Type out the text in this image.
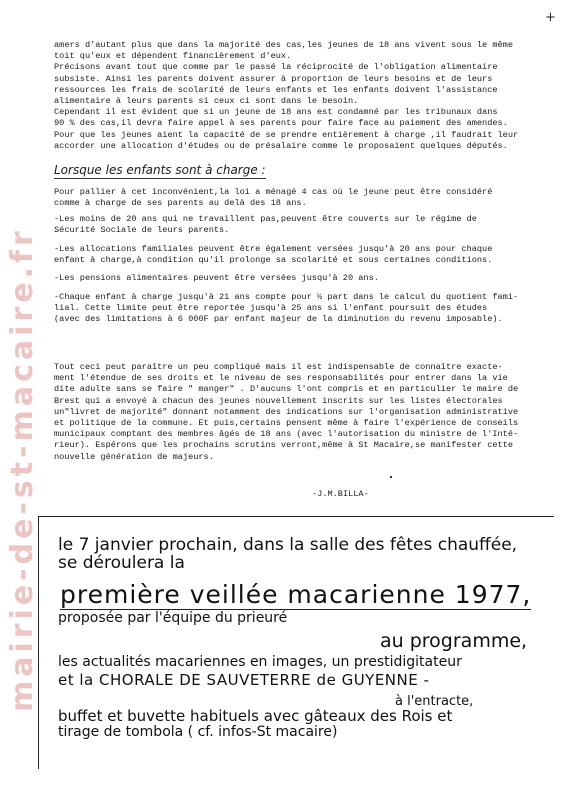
+
mairie-de-st-macaire.fr
amers d'autant plus que dans la majorité des cas,les jeunes de 18 ans vivent sous le même
toit qu'eux et dépendent financièrement d'eux.
Précisons avant tout que comme par le passé la réciprocité de l'obligation alimentaire
subsiste. Ainsi les parents doivent assurer à proportion de leurs besoins et de leurs
ressources les frais de scolarité de leurs enfants et les enfants doivent l'assistance
alimentaire à leurs parents si ceux ci sont dans le besoin.
Cependant il est évident que si un jeune de 18 ans est condamné par les tribunaux dans
90 % des cas,il devra faire appel à ses parents pour faire face au paiement des amendes.
Pour que les jeunes aient la capacité de se prendre entièrement à charge ,il faudrait leur
accorder une allocation d'études ou de présalaire comme le proposaient quelques députés.
Lorsque les enfants sont à charge :
Pour pallier à cet inconvénient,la loi a ménagé 4 cas où le jeune peut être considéré
comme à charge de ses parents au delà des 18 ans.
-Les moins de 20 ans qui ne travaillent pas,peuvent être couverts sur le régime de
Sécurité Sociale de leurs parents.
-Les allocations familiales peuvent être également versées jusqu'à 20 ans pour chaque
enfant à charge,à condition qu'il prolonge sa scolarité et sous certaines conditions.
-Les pensions alimentaires peuvent être versées jusqu'à 20 ans.
-Chaque enfant à charge jusqu'à 21 ans compte pour ½ part dans le calcul du quotient fami-
lial. Cette limite peut être reportée jusqu'à 25 ans si l'enfant poursuit des études
(avec des limitations à 6 000F par enfant majeur de la diminution du revenu imposable).
Tout ceci peut paraître un peu compliqué mais il est indispensable de connaître exacte-
ment l'étendue de ses droits et le niveau de ses responsabilités pour entrer dans la vie
dite adulte sans se faire " manger" . D'aucuns l'ont compris et en particulier le maire de
Brest qui a envoyé à chacun des jeunes nouvellement inscrits sur les listes électorales
un"livret de majorité" donnant notamment des indications sur l'organisation administrative
et politique de la commune. Et puis,certains pensent même à faire l'expérience de conseils
municipaux comptant des membres âgés de 18 ans (avec l'autorisation du ministre de l'Inté-
rieur). Espérons que les prochains scrutins verront,même à St Macaire,se manifester cette
nouvelle génération de majeurs.
-J.M.BILLA-
le 7 janvier prochain, dans la salle des fêtes chauffée,
se déroulera la
première veillée macarienne 1977,
proposée par l'équipe du prieuré
au programme,
les actualités macariennes en images, un prestidigitateur
et la CHORALE DE SAUVETERRE de GUYENNE -
à l'entracte,
buffet et buvette habituels avec gâteaux des Rois et
tirage de tombola ( cf. infos-St macaire)
